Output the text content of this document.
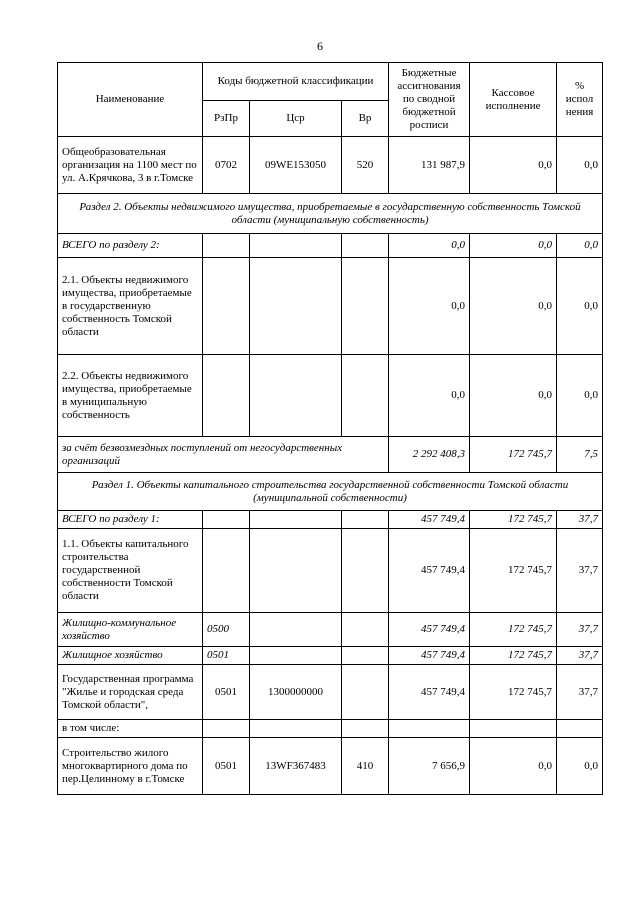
6
Наименование	Коды бюджетной классификации			Бюджетные ассигнования по сводной бюджетной росписи	Кассовое исполнение	% испол нения
	РзПр	Цср	Вр			
Общеобразовательная организация на 1100 мест по ул. А.Крячкова, 3 в г.Томске	0702	09WE153050	520	131 987,9	0,0	0,0
Раздел 2. Объекты недвижимого имущества, приобретаемые в государственную собственность Томской области (муниципальную собственность)						
ВСЕГО по разделу 2:				0,0	0,0	0,0
2.1. Объекты недвижимого имущества, приобретаемые в государственную собственность Томской области				0,0	0,0	0,0
2.2. Объекты недвижимого имущества, приобретаемые в муниципальную собственность				0,0	0,0	0,0
за счёт безвозмездных поступлений от негосударственных организаций				2 292 408,3	172 745,7	7,5
Раздел 1. Объекты капитального строительства государственной собственности Томской области (муниципальной собственности)						
ВСЕГО по разделу 1:				457 749,4	172 745,7	37,7
1.1. Объекты капитального строительства государственной собственности Томской области				457 749,4	172 745,7	37,7
Жилищно-коммунальное хозяйство	0500			457 749,4	172 745,7	37,7
Жилищное хозяйство	0501			457 749,4	172 745,7	37,7
Государственная программа "Жилье и городская среда Томской области",	0501	1300000000		457 749,4	172 745,7	37,7
в том числе:						
Строительство жилого многоквартирного дома по пер.Целинному в г.Томске	0501	13WF367483	410	7 656,9	0,0	0,0
